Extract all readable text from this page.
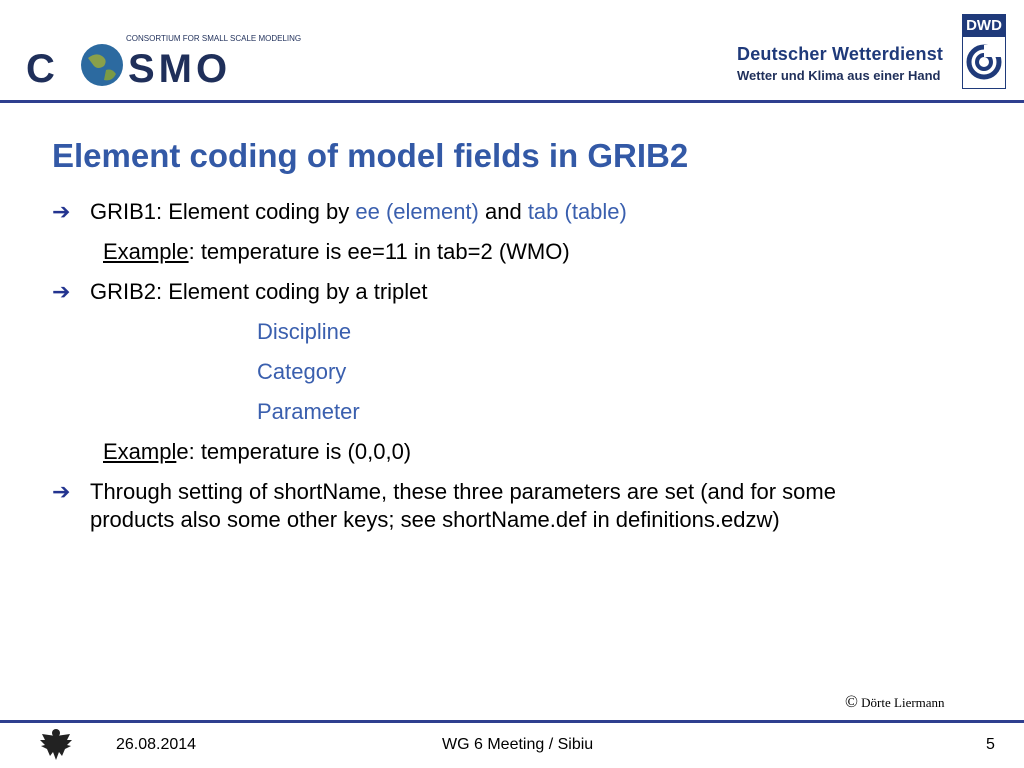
CONSORTIUM FOR SMALL SCALE MODELING
C SMO	Deutscher Wetterdienst
Wetter und Klima aus einer Hand
DWD
Element coding of model fields in GRIB2
➔ GRIB1: Element coding by ee (element) and tab (table)
Example: temperature is ee=11 in tab=2 (WMO)
➔ GRIB2: Element coding by a triplet
Discipline
Category
Parameter
Example: temperature is (0,0,0)
➔ Through setting of shortName, these three parameters are set (and for some
products also some other keys; see shortName.def in definitions.edzw)
© Dörte Liermann
26.08.2014	WG 6 Meeting / Sibiu	5
